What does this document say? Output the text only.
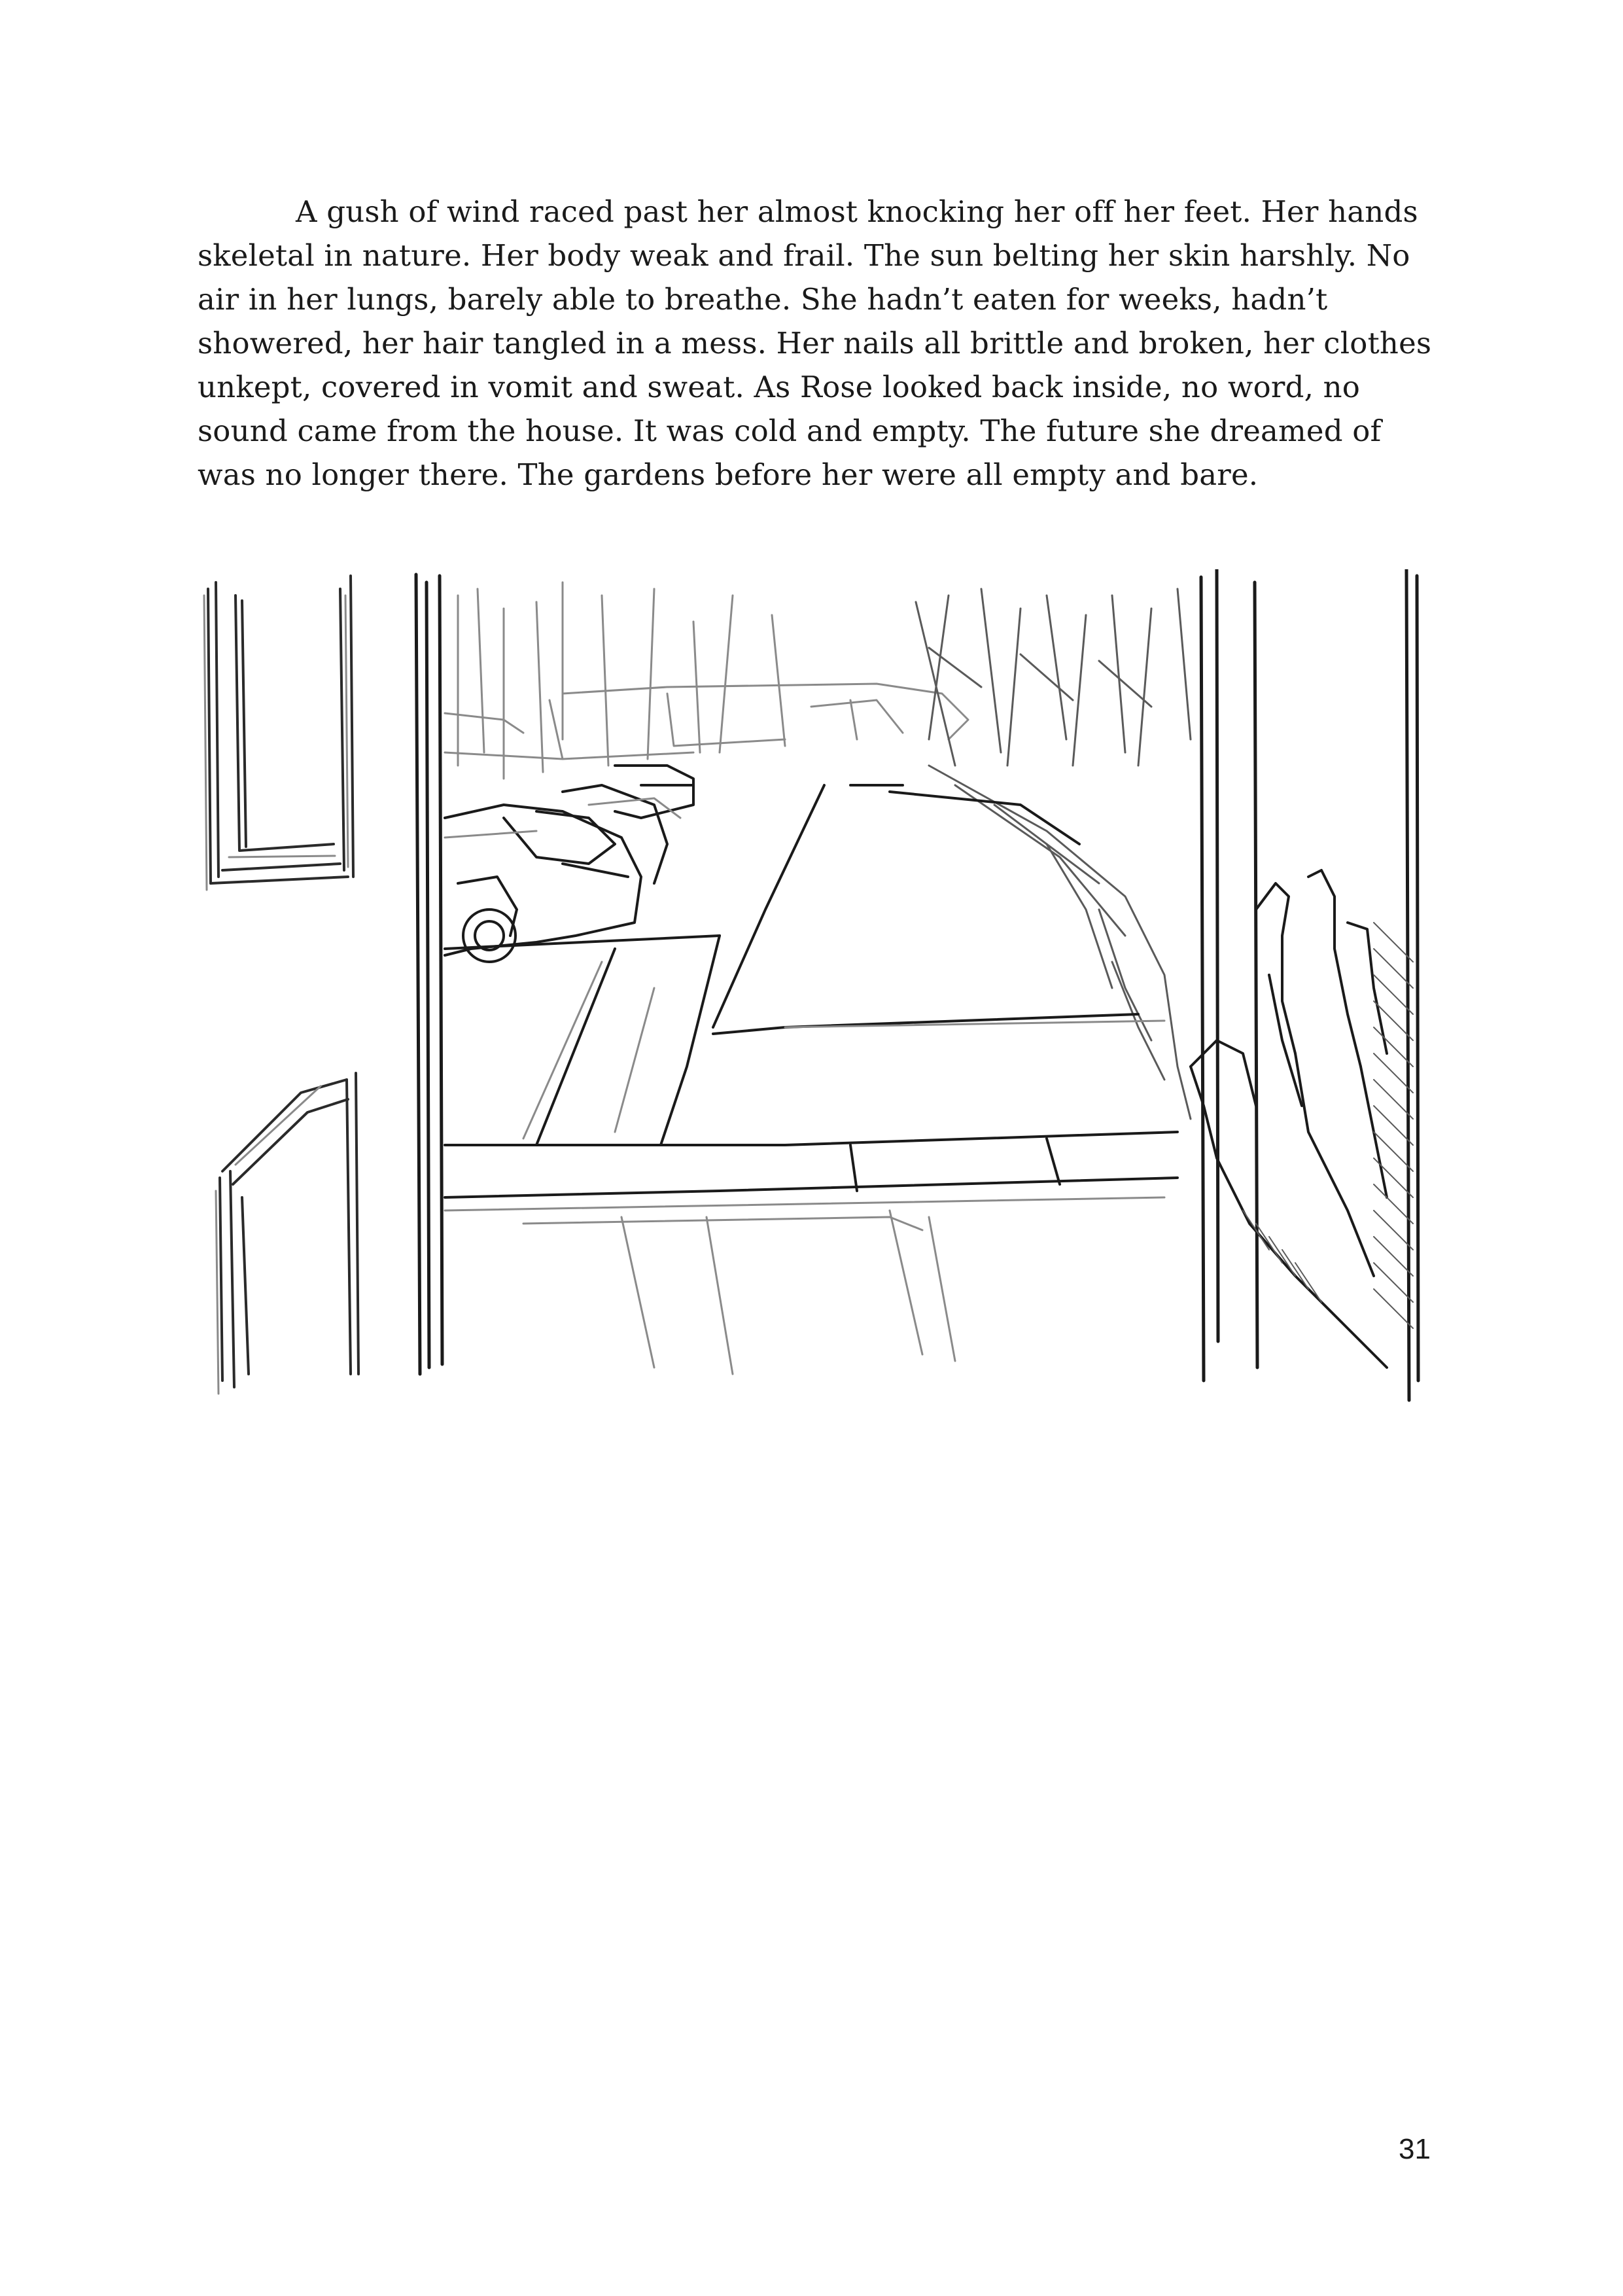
A gush of wind raced past her almost knocking her off her feet. Her hands skeletal in nature. Her body weak and frail. The sun belting her skin harshly. No air in her lungs, barely able to breathe. She hadn’t eaten for weeks, hadn’t showered, her hair tangled in a mess. Her nails all brittle and broken, her clothes unkept, covered in vomit and sweat. As Rose looked back inside, no word, no sound came from the house. It was cold and empty. The future she dreamed of was no longer there. The gardens before her were all empty and bare.

31
